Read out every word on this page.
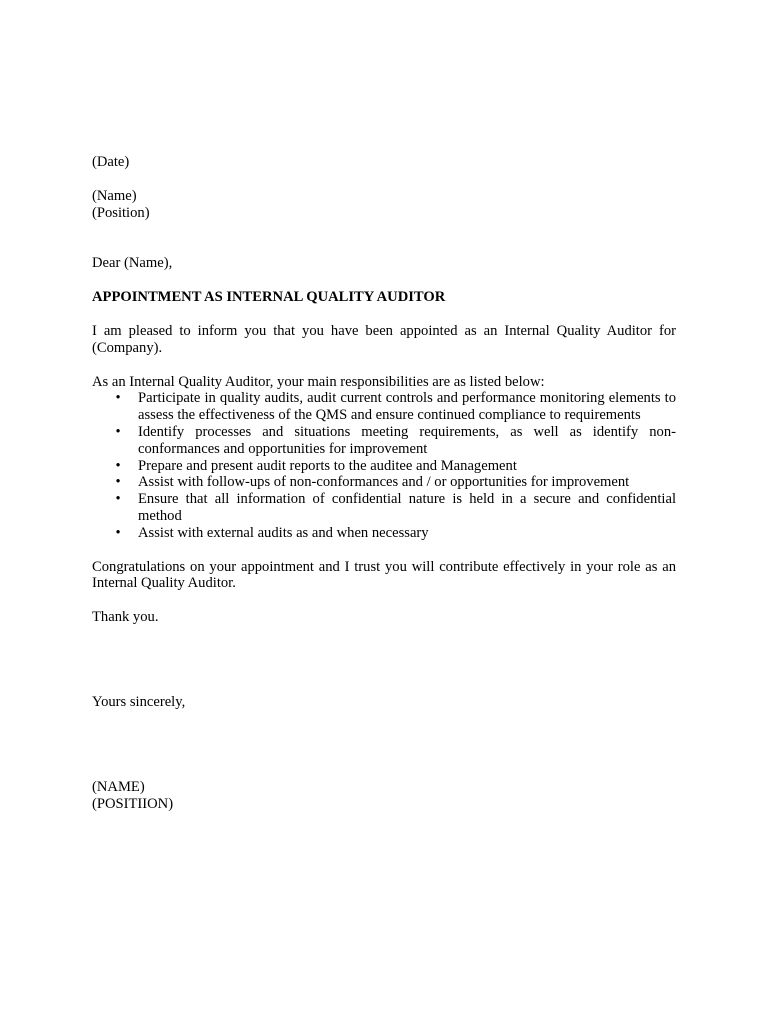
(Date)

(Name)

(Position)

Dear (Name),

APPOINTMENT AS INTERNAL QUALITY AUDITOR

I am pleased to inform you that you have been appointed as an Internal Quality Auditor for (Company).

As an Internal Quality Auditor, your main responsibilities are as listed below:

• Participate in quality audits, audit current controls and performance monitoring elements to assess the effectiveness of the QMS and ensure continued compliance to requirements
• Identify processes and situations meeting requirements, as well as identify non-conformances and opportunities for improvement
• Prepare and present audit reports to the auditee and Management
• Assist with follow-ups of non-conformances and / or opportunities for improvement
• Ensure that all information of confidential nature is held in a secure and confidential method
• Assist with external audits as and when necessary

Congratulations on your appointment and I trust you will contribute effectively in your role as an Internal Quality Auditor.

Thank you.

Yours sincerely,

(NAME)

(POSITIION)
